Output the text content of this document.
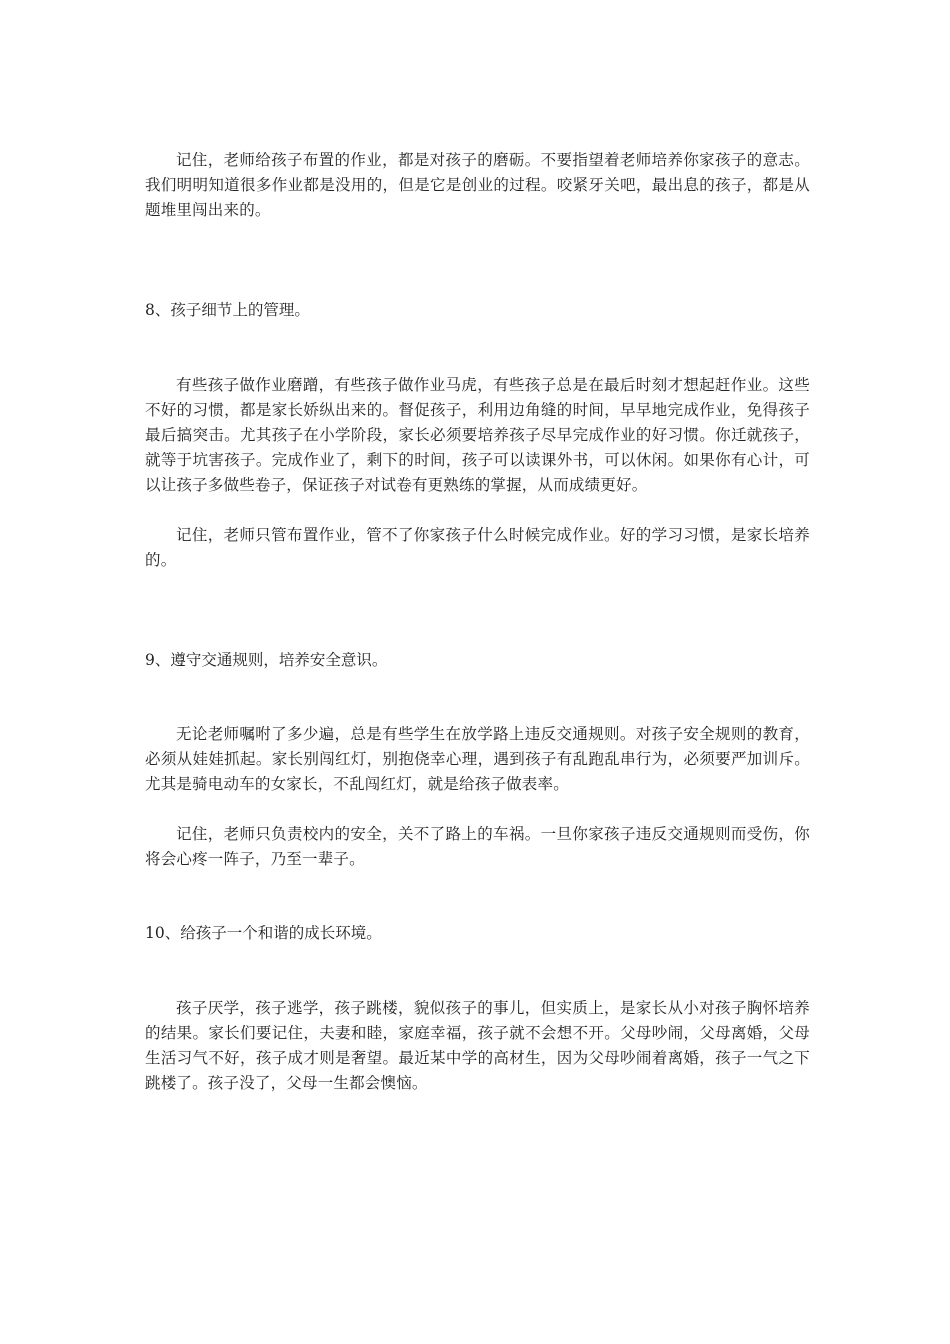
记住，老师给孩子布置的作业，都是对孩子的磨砺。不要指望着老师培养你家孩子的意志。我们明明知道很多作业都是没用的，但是它是创业的过程。咬紧牙关吧，最出息的孩子，都是从题堆里闯出来的。

8、孩子细节上的管理。

有些孩子做作业磨蹭，有些孩子做作业马虎，有些孩子总是在最后时刻才想起赶作业。这些不好的习惯，都是家长娇纵出来的。督促孩子，利用边角缝的时间，早早地完成作业，免得孩子最后搞突击。尤其孩子在小学阶段，家长必须要培养孩子尽早完成作业的好习惯。你迁就孩子，就等于坑害孩子。完成作业了，剩下的时间，孩子可以读课外书，可以休闲。如果你有心计，可以让孩子多做些卷子，保证孩子对试卷有更熟练的掌握，从而成绩更好。

记住，老师只管布置作业，管不了你家孩子什么时候完成作业。好的学习习惯，是家长培养的。

9、遵守交通规则，培养安全意识。

无论老师嘱咐了多少遍，总是有些学生在放学路上违反交通规则。对孩子安全规则的教育，必须从娃娃抓起。家长别闯红灯，别抱侥幸心理，遇到孩子有乱跑乱串行为，必须要严加训斥。尤其是骑电动车的女家长，不乱闯红灯，就是给孩子做表率。

记住，老师只负责校内的安全，关不了路上的车祸。一旦你家孩子违反交通规则而受伤，你将会心疼一阵子，乃至一辈子。

10、给孩子一个和谐的成长环境。

孩子厌学，孩子逃学，孩子跳楼，貌似孩子的事儿，但实质上，是家长从小对孩子胸怀培养的结果。家长们要记住，夫妻和睦，家庭幸福，孩子就不会想不开。父母吵闹，父母离婚，父母生活习气不好，孩子成才则是奢望。最近某中学的高材生，因为父母吵闹着离婚，孩子一气之下跳楼了。孩子没了，父母一生都会懊恼。
